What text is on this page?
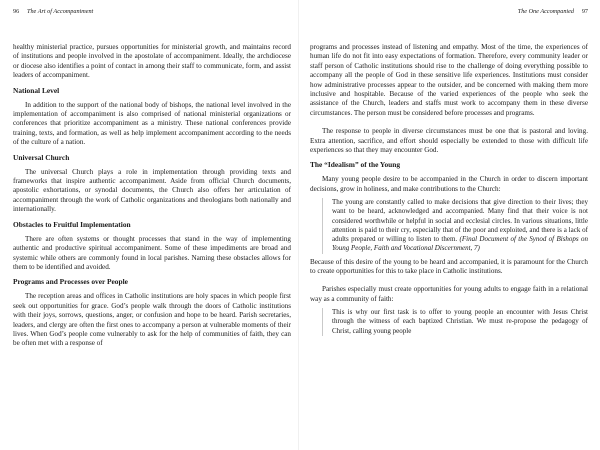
96 The Art of Accompaniment

healthy ministerial practice, pursues opportunities for ministerial growth, and maintains record of institutions and people involved in the apostolate of accompaniment. Ideally, the archdiocese or diocese also identifies a point of contact in among their staff to communicate, form, and assist leaders of accompaniment.

National Level

In addition to the support of the national body of bishops, the national level involved in the implementation of accompaniment is also comprised of national ministerial organizations or conferences that prioritize accompaniment as a ministry. These national conferences provide training, texts, and formation, as well as help implement accompaniment according to the needs of the culture of a nation.

Universal Church

The universal Church plays a role in implementation through providing texts and frameworks that inspire authentic accompaniment. Aside from official Church documents, apostolic exhortations, or synodal documents, the Church also offers her articulation of accompaniment through the work of Catholic organizations and theologians both nationally and internationally.

Obstacles to Fruitful Implementation

There are often systems or thought processes that stand in the way of implementing authentic and productive spiritual accompaniment. Some of these impediments are broad and systemic while others are commonly found in local parishes. Naming these obstacles allows for them to be identified and avoided.

Programs and Processes over People

The reception areas and offices in Catholic institutions are holy spaces in which people first seek out opportunities for grace. God’s people walk through the doors of Catholic institutions with their joys, sorrows, questions, anger, or confusion and hope to be heard. Parish secretaries, leaders, and clergy are often the first ones to accompany a person at vulnerable moments of their lives. When God’s people come vulnerably to ask for the help of communities of faith, they can be often met with a response of

The One Accompanied 97

programs and processes instead of listening and empathy. Most of the time, the experiences of human life do not fit into easy expectations of formation. Therefore, every community leader or staff person of Catholic institutions should rise to the challenge of doing everything possible to accompany all the people of God in these sensitive life experiences. Institutions must consider how administrative processes appear to the outsider, and be concerned with making them more inclusive and hospitable. Because of the varied experiences of the people who seek the assistance of the Church, leaders and staffs must work to accompany them in these diverse circumstances. The person must be considered before processes and programs.

The response to people in diverse circumstances must be one that is pastoral and loving. Extra attention, sacrifice, and effort should especially be extended to those with difficult life experiences so that they may encounter God.

The “Idealism” of the Young

Many young people desire to be accompanied in the Church in order to discern important decisions, grow in holiness, and make contributions to the Church:

The young are constantly called to make decisions that give direction to their lives; they want to be heard, acknowledged and accompanied. Many find that their voice is not considered worthwhile or helpful in social and ecclesial circles. In various situations, little attention is paid to their cry, especially that of the poor and exploited, and there is a lack of adults prepared or willing to listen to them. (Final Document of the Synod of Bishops on Young People, Faith and Vocational Discernment, 7)

Because of this desire of the young to be heard and accompanied, it is paramount for the Church to create opportunities for this to take place in Catholic institutions.

Parishes especially must create opportunities for young adults to engage faith in a relational way as a community of faith:

This is why our first task is to offer to young people an encounter with Jesus Christ through the witness of each baptized Christian. We must re-propose the pedagogy of Christ, calling young people
